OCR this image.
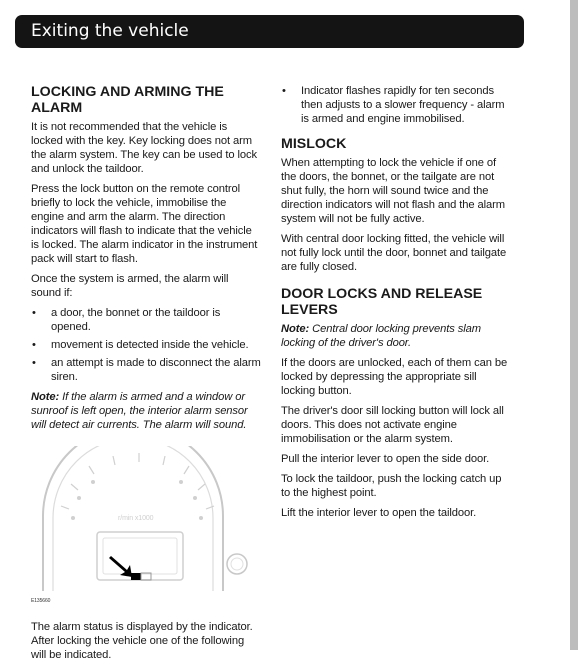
Exiting the vehicle
LOCKING AND ARMING THE ALARM

It is not recommended that the vehicle is locked with the key. Key locking does not arm the alarm system. The key can be used to lock and unlock the taildoor.

Press the lock button on the remote control briefly to lock the vehicle, immobilise the engine and arm the alarm. The direction indicators will flash to indicate that the vehicle is locked. The alarm indicator in the instrument pack will start to flash.

Once the system is armed, the alarm will sound if:

• a door, the bonnet or the taildoor is opened.
• movement is detected inside the vehicle.
• an attempt is made to disconnect the alarm siren.

Note: If the alarm is armed and a window or sunroof is left open, the interior alarm sensor will detect air currents. The alarm will sound.

r/min x1000
E135660

The alarm status is displayed by the indicator. After locking the vehicle one of the following will be indicated.

• Indicator flashes rapidly for ten seconds then adjusts to a slower frequency - alarm is armed and engine immobilised.
MISLOCK

When attempting to lock the vehicle if one of the doors, the bonnet, or the tailgate are not shut fully, the horn will sound twice and the direction indicators will not flash and the alarm system will not be fully active.

With central door locking fitted, the vehicle will not fully lock until the door, bonnet and tailgate are fully closed.

DOOR LOCKS AND RELEASE LEVERS

Note: Central door locking prevents slam locking of the driver's door.

If the doors are unlocked, each of them can be locked by depressing the appropriate sill locking button.

The driver's door sill locking button will lock all doors. This does not activate engine immobilisation or the alarm system.

Pull the interior lever to open the side door.

To lock the taildoor, push the locking catch up to the highest point.

Lift the interior lever to open the taildoor.
